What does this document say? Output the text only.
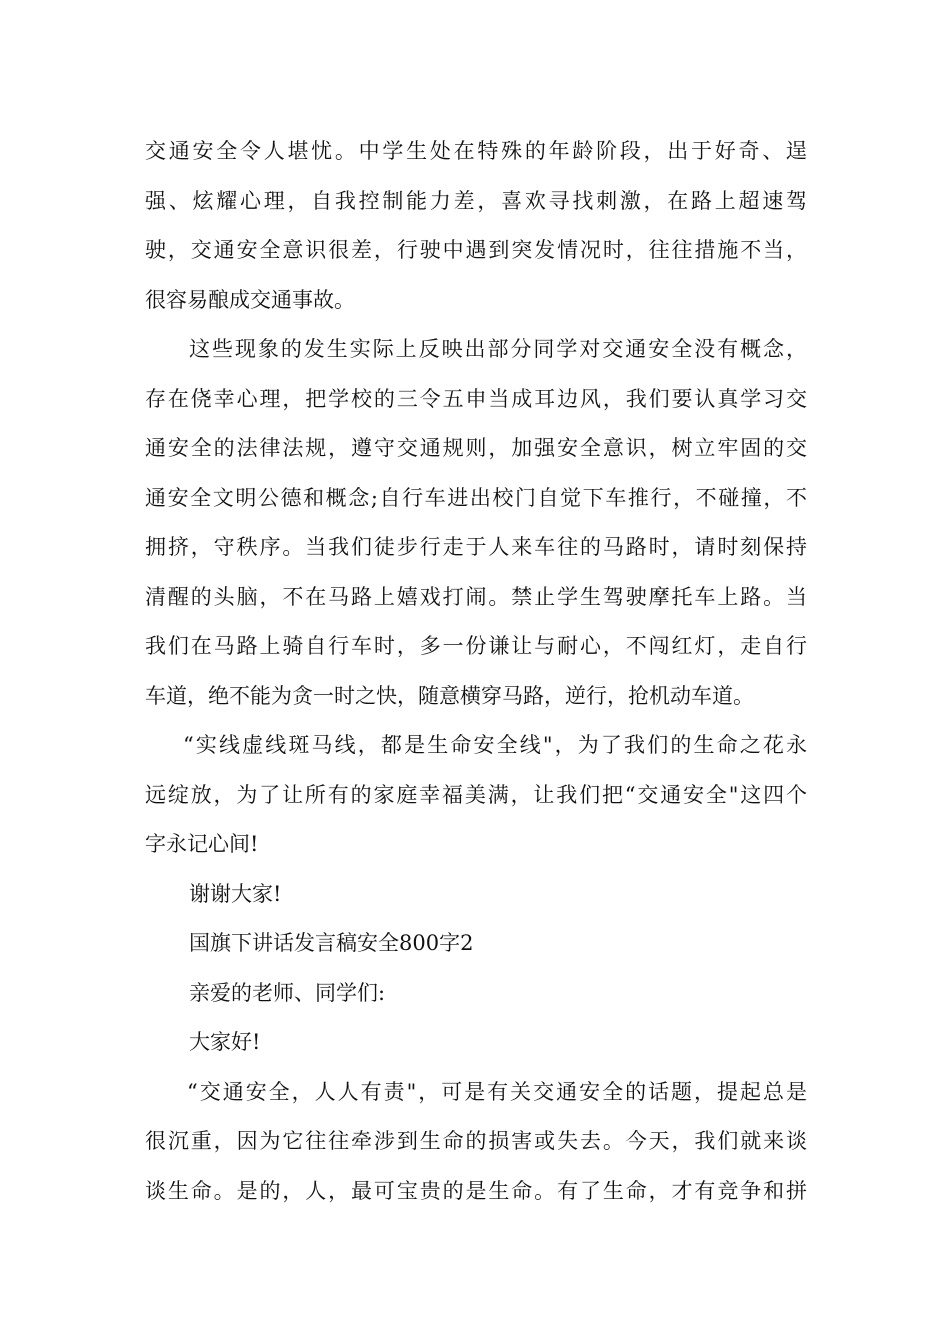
交通安全令人堪忧。中学生处在特殊的年龄阶段，出于好奇、逞
强、炫耀心理，自我控制能力差，喜欢寻找刺激，在路上超速驾
驶，交通安全意识很差，行驶中遇到突发情况时，往往措施不当，
很容易酿成交通事故。
这些现象的发生实际上反映出部分同学对交通安全没有概念，
存在侥幸心理，把学校的三令五申当成耳边风，我们要认真学习交
通安全的法律法规，遵守交通规则，加强安全意识，树立牢固的交
通安全文明公德和概念;自行车进出校门自觉下车推行，不碰撞，不
拥挤，守秩序。当我们徒步行走于人来车往的马路时，请时刻保持
清醒的头脑，不在马路上嬉戏打闹。禁止学生驾驶摩托车上路。当
我们在马路上骑自行车时，多一份谦让与耐心，不闯红灯，走自行
车道，绝不能为贪一时之快，随意横穿马路，逆行，抢机动车道。
“实线虚线斑马线，都是生命安全线"，为了我们的生命之花永
远绽放，为了让所有的家庭幸福美满，让我们把“交通安全"这四个
字永记心间!
谢谢大家!
国旗下讲话发言稿安全800字2
亲爱的老师、同学们:
大家好!
“交通安全，人人有责"，可是有关交通安全的话题，提起总是
很沉重，因为它往往牵涉到生命的损害或失去。今天，我们就来谈
谈生命。是的，人，最可宝贵的是生命。有了生命，才有竞争和拼
